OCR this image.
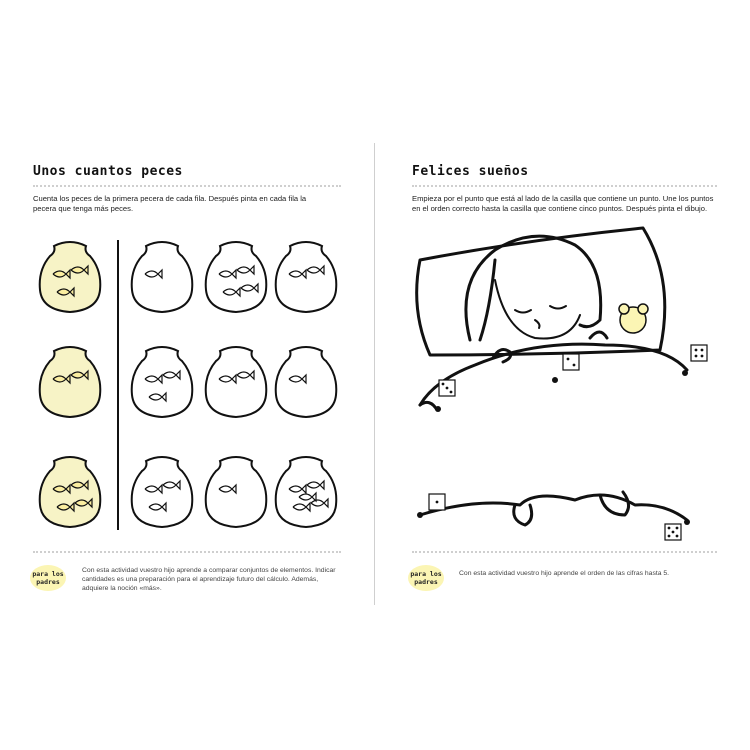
Unos cuantos peces
Cuenta los peces de la primera pecera de cada fila. Después pinta en cada fila la pecera que tenga más peces.
para los padres
Con esta actividad vuestro hijo aprende a comparar conjuntos de elementos. Indicar cantidades es una preparación para el aprendizaje futuro del cálculo. Además, adquiere la noción «más».
Felices sueños
Empieza por el punto que está al lado de la casilla que contiene un punto. Une los puntos en el orden correcto hasta la casilla que contiene cinco puntos. Después pinta el dibujo.
para los padres
Con esta actividad vuestro hijo aprende el orden de las cifras hasta 5.
